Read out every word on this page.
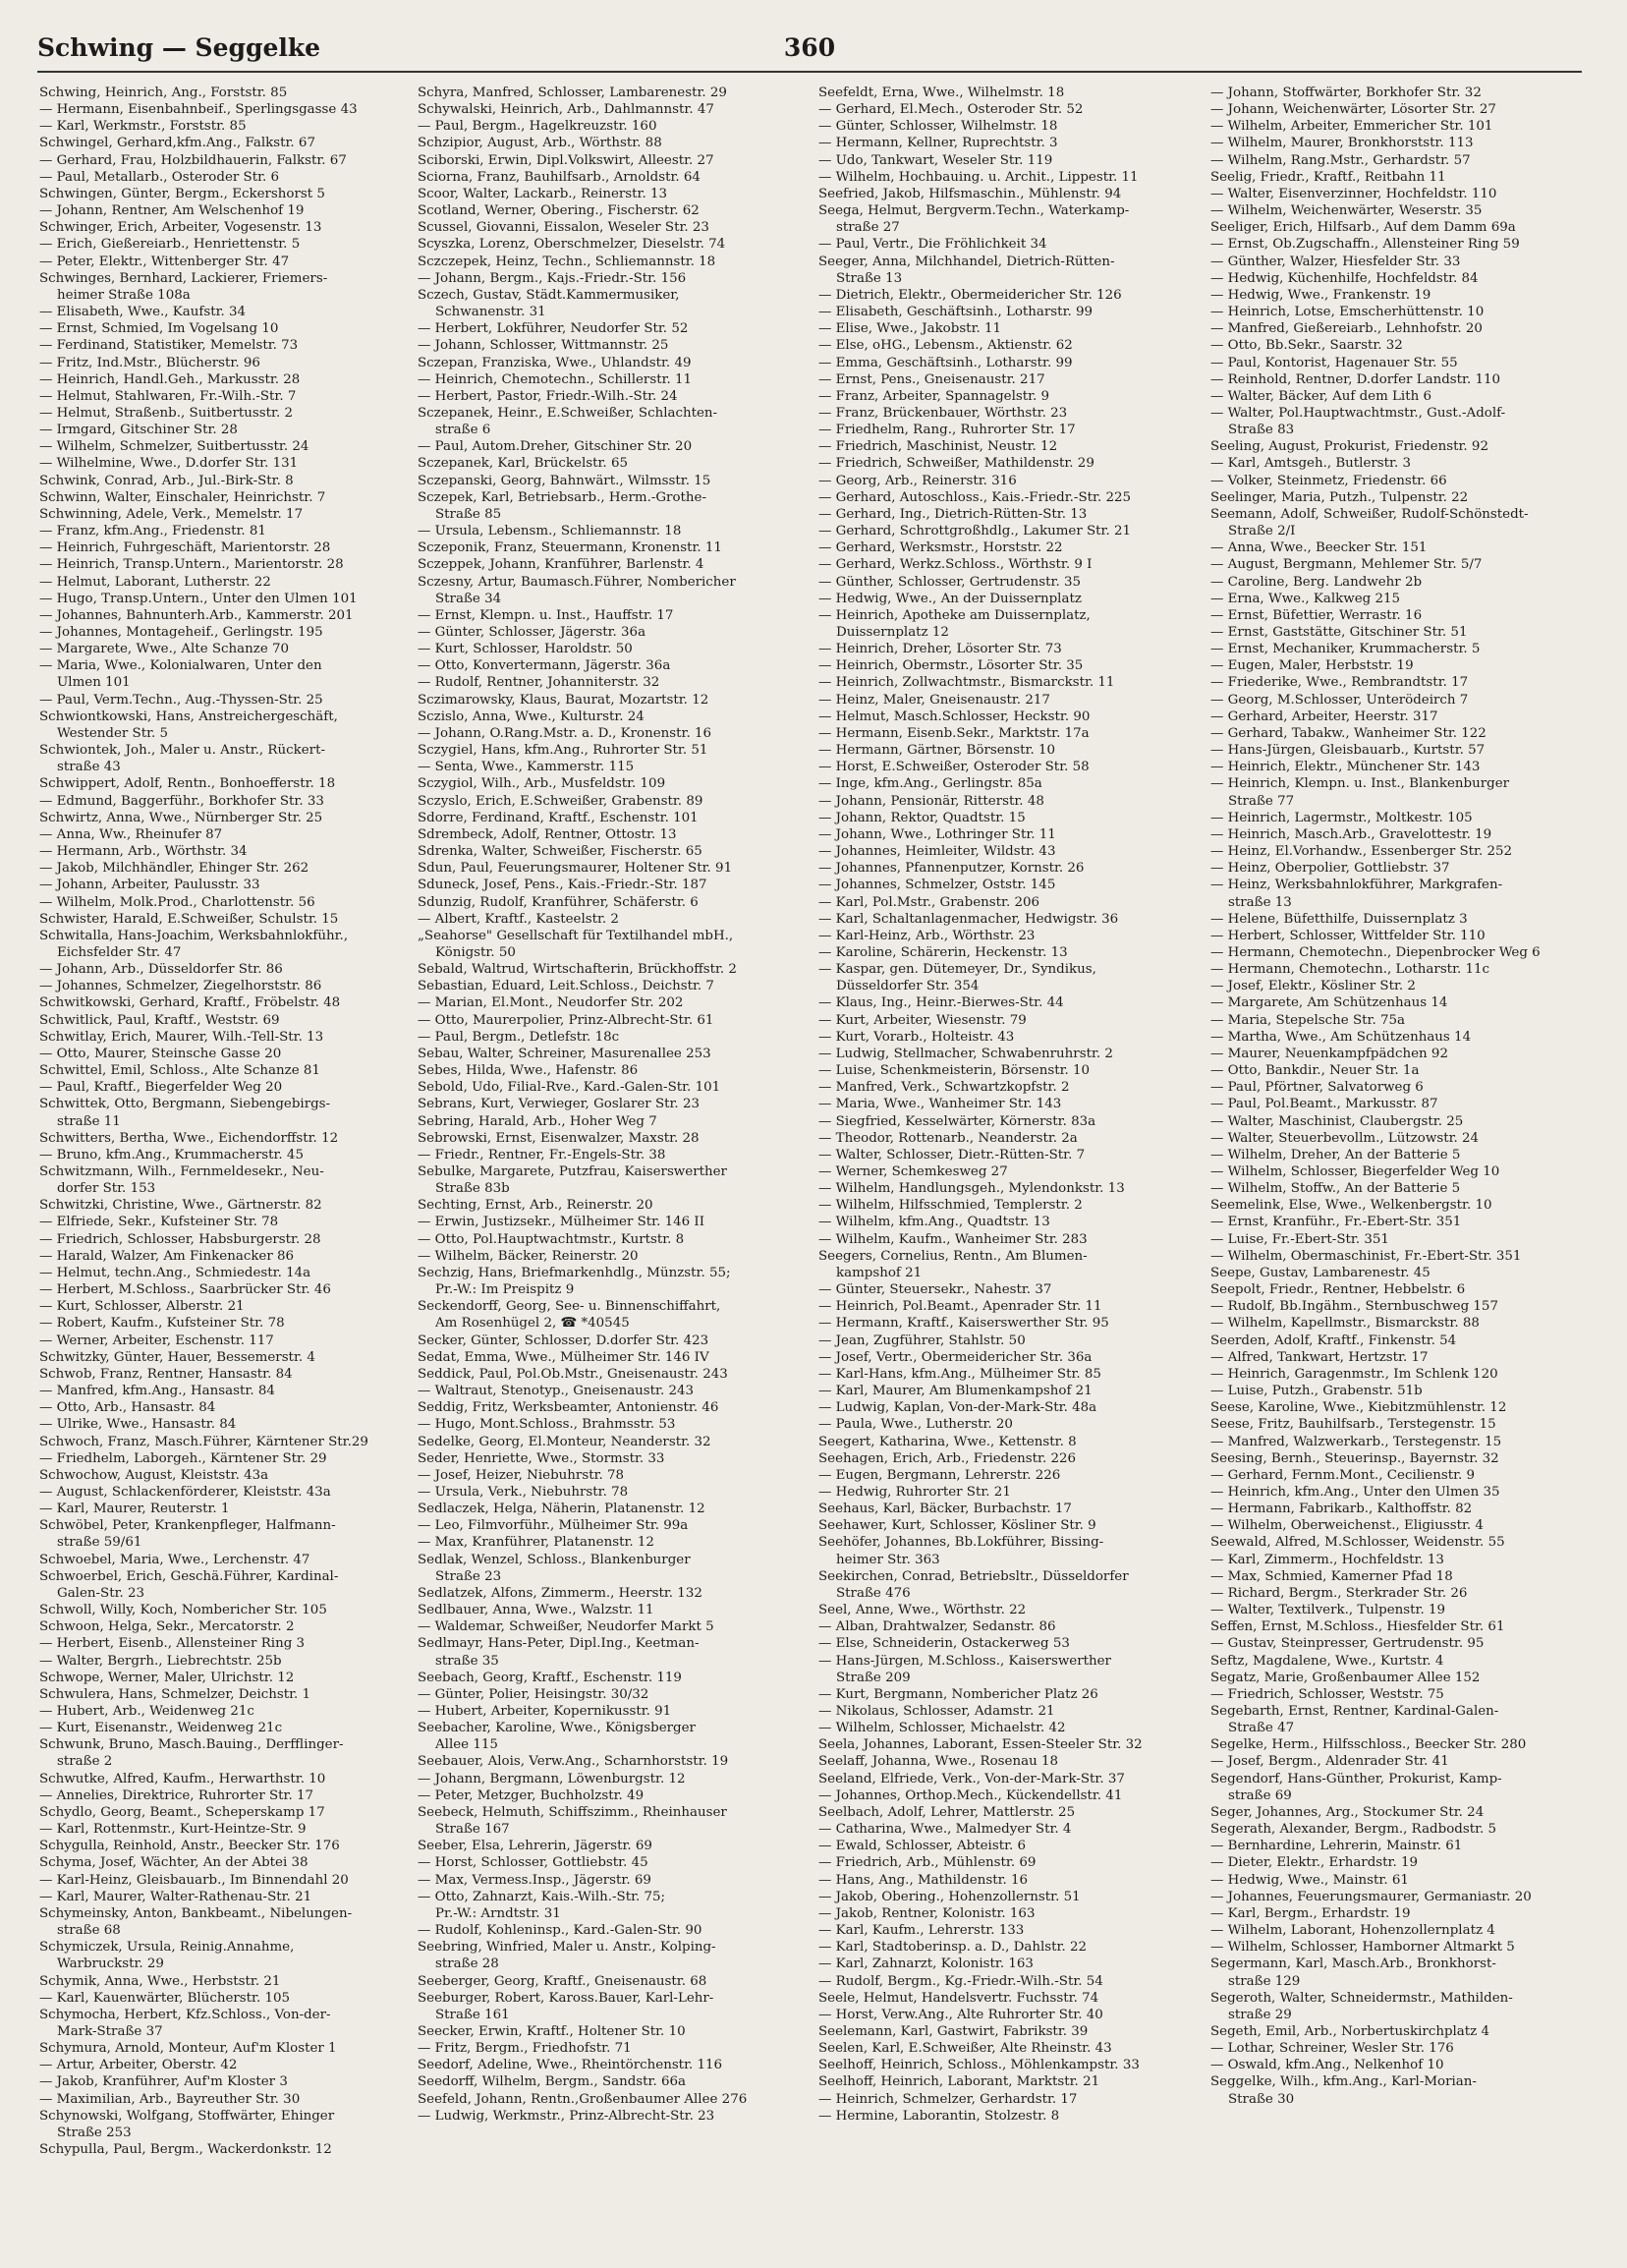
Schwing — Seggelke	360
Schwing, Heinrich, Ang., Forststr. 85
— Hermann, Eisenbahnbeif., Sperlingsgasse 43
— Karl, Werkmstr., Forststr. 85
Schwingel, Gerhard,kfm.Ang., Falkstr. 67
— Gerhard, Frau, Holzbildhauerin, Falkstr. 67
— Paul, Metallarb., Osteroder Str. 6
Schwingen, Günter, Bergm., Eckershorst 5
— Johann, Rentner, Am Welschenhof 19
Schwinger, Erich, Arbeiter, Vogesenstr. 13
— Erich, Gießereiarb., Henriettenstr. 5
— Peter, Elektr., Wittenberger Str. 47
Schwinges, Bernhard, Lackierer, Friemers-
heimer Straße 108a
— Elisabeth, Wwe., Kaufstr. 34
— Ernst, Schmied, Im Vogelsang 10
— Ferdinand, Statistiker, Memelstr. 73
— Fritz, Ind.Mstr., Blücherstr. 96
— Heinrich, Handl.Geh., Markusstr. 28
— Helmut, Stahlwaren, Fr.-Wilh.-Str. 7
— Helmut, Straßenb., Suitbertusstr. 2
— Irmgard, Gitschiner Str. 28
— Wilhelm, Schmelzer, Suitbertusstr. 24
— Wilhelmine, Wwe., D.dorfer Str. 131
Schwink, Conrad, Arb., Jul.-Birk-Str. 8
Schwinn, Walter, Einschaler, Heinrichstr. 7
Schwinning, Adele, Verk., Memelstr. 17
— Franz, kfm.Ang., Friedenstr. 81
— Heinrich, Fuhrgeschäft, Marientorstr. 28
— Heinrich, Transp.Untern., Marientorstr. 28
— Helmut, Laborant, Lutherstr. 22
— Hugo, Transp.Untern., Unter den Ulmen 101
— Johannes, Bahnunterh.Arb., Kammerstr. 201
— Johannes, Montageheif., Gerlingstr. 195
— Margarete, Wwe., Alte Schanze 70
— Maria, Wwe., Kolonialwaren, Unter den
Ulmen 101
— Paul, Verm.Techn., Aug.-Thyssen-Str. 25
Schwiontkowski, Hans, Anstreichergeschäft,
Westender Str. 5
Schwiontek, Joh., Maler u. Anstr., Rückert-
straße 43
Schwippert, Adolf, Rentn., Bonhoefferstr. 18
— Edmund, Baggerführ., Borkhofer Str. 33
Schwirtz, Anna, Wwe., Nürnberger Str. 25
— Anna, Ww., Rheinufer 87
— Hermann, Arb., Wörthstr. 34
— Jakob, Milchhändler, Ehinger Str. 262
— Johann, Arbeiter, Paulusstr. 33
— Wilhelm, Molk.Prod., Charlottenstr. 56
Schwister, Harald, E.Schweißer, Schulstr. 15
Schwitalla, Hans-Joachim, Werksbahnlokführ.,
Eichsfelder Str. 47
— Johann, Arb., Düsseldorfer Str. 86
— Johannes, Schmelzer, Ziegelhorststr. 86
Schwitkowski, Gerhard, Kraftf., Fröbelstr. 48
Schwitlick, Paul, Kraftf., Weststr. 69
Schwitlay, Erich, Maurer, Wilh.-Tell-Str. 13
— Otto, Maurer, Steinsche Gasse 20
Schwittel, Emil, Schloss., Alte Schanze 81
— Paul, Kraftf., Biegerfelder Weg 20
Schwittek, Otto, Bergmann, Siebengebirgs-
straße 11
Schwitters, Bertha, Wwe., Eichendorffstr. 12
— Bruno, kfm.Ang., Krummacherstr. 45
Schwitzmann, Wilh., Fernmeldesekr., Neu-
dorfer Str. 153
Schwitzki, Christine, Wwe., Gärtnerstr. 82
— Elfriede, Sekr., Kufsteiner Str. 78
— Friedrich, Schlosser, Habsburgerstr. 28
— Harald, Walzer, Am Finkenacker 86
— Helmut, techn.Ang., Schmiedestr. 14a
— Herbert, M.Schloss., Saarbrücker Str. 46
— Kurt, Schlosser, Alberstr. 21
— Robert, Kaufm., Kufsteiner Str. 78
— Werner, Arbeiter, Eschenstr. 117
Schwitzky, Günter, Hauer, Bessemerstr. 4
Schwob, Franz, Rentner, Hansastr. 84
— Manfred, kfm.Ang., Hansastr. 84
— Otto, Arb., Hansastr. 84
— Ulrike, Wwe., Hansastr. 84
Schwoch, Franz, Masch.Führer, Kärntener Str.29
— Friedhelm, Laborgeh., Kärntener Str. 29
Schwochow, August, Kleiststr. 43a
— August, Schlackenförderer, Kleiststr. 43a
— Karl, Maurer, Reuterstr. 1
Schwöbel, Peter, Krankenpfleger, Halfmann-
straße 59/61
Schwoebel, Maria, Wwe., Lerchenstr. 47
Schwoerbel, Erich, Geschä.Führer, Kardinal-
Galen-Str. 23
Schwoll, Willy, Koch, Nombericher Str. 105
Schwoon, Helga, Sekr., Mercatorstr. 2
— Herbert, Eisenb., Allensteiner Ring 3
— Walter, Bergrh., Liebrechtstr. 25b
Schwope, Werner, Maler, Ulrichstr. 12
Schwulera, Hans, Schmelzer, Deichstr. 1
— Hubert, Arb., Weidenweg 21c
— Kurt, Eisenanstr., Weidenweg 21c
Schwunk, Bruno, Masch.Bauing., Derfflinger-
straße 2
Schwutke, Alfred, Kaufm., Herwarthstr. 10
— Annelies, Direktrice, Ruhrorter Str. 17
Schydlo, Georg, Beamt., Scheperskamp 17
— Karl, Rottenmstr., Kurt-Heintze-Str. 9
Schygulla, Reinhold, Anstr., Beecker Str. 176
Schyma, Josef, Wächter, An der Abtei 38
— Karl-Heinz, Gleisbauarb., Im Binnendahl 20
— Karl, Maurer, Walter-Rathenau-Str. 21
Schymeinsky, Anton, Bankbeamt., Nibelungen-
straße 68
Schymiczek, Ursula, Reinig.Annahme,
Warbruckstr. 29
Schymik, Anna, Wwe., Herbststr. 21
— Karl, Kauenwärter, Blücherstr. 105
Schymocha, Herbert, Kfz.Schloss., Von-der-
Mark-Straße 37
Schymura, Arnold, Monteur, Auf'm Kloster 1
— Artur, Arbeiter, Oberstr. 42
— Jakob, Kranführer, Auf'm Kloster 3
— Maximilian, Arb., Bayreuther Str. 30
Schynowski, Wolfgang, Stoffwärter, Ehinger
Straße 253
Schypulla, Paul, Bergm., Wackerdonkstr. 12
Schyra, Manfred, Schlosser, Lambarenestr. 29
Schywalski, Heinrich, Arb., Dahlmannstr. 47
— Paul, Bergm., Hagelkreuzstr. 160
Schzipior, August, Arb., Wörthstr. 88
Sciborski, Erwin, Dipl.Volkswirt, Alleestr. 27
Sciorna, Franz, Bauhilfsarb., Arnoldstr. 64
Scoor, Walter, Lackarb., Reinerstr. 13
Scotland, Werner, Obering., Fischerstr. 62
Scussel, Giovanni, Eissalon, Weseler Str. 23
Scyszka, Lorenz, Oberschmelzer, Dieselstr. 74
Sczczepek, Heinz, Techn., Schliemannstr. 18
— Johann, Bergm., Kajs.-Friedr.-Str. 156
Sczech, Gustav, Städt.Kammermusiker,
Schwanenstr. 31
— Herbert, Lokführer, Neudorfer Str. 52
— Johann, Schlosser, Wittmannstr. 25
Sczepan, Franziska, Wwe., Uhlandstr. 49
— Heinrich, Chemotechn., Schillerstr. 11
— Herbert, Pastor, Friedr.-Wilh.-Str. 24
Sczepanek, Heinr., E.Schweißer, Schlachten-
straße 6
— Paul, Autom.Dreher, Gitschiner Str. 20
Sczepanek, Karl, Brückelstr. 65
Sczepanski, Georg, Bahnwärt., Wilmsstr. 15
Sczepek, Karl, Betriebsarb., Herm.-Grothe-
Straße 85
— Ursula, Lebensm., Schliemannstr. 18
Sczeponik, Franz, Steuermann, Kronenstr. 11
Sczeppek, Johann, Kranführer, Barlenstr. 4
Sczesny, Artur, Baumasch.Führer, Nombericher
Straße 34
— Ernst, Klempn. u. Inst., Hauffstr. 17
— Günter, Schlosser, Jägerstr. 36a
— Kurt, Schlosser, Haroldstr. 50
— Otto, Konvertermann, Jägerstr. 36a
— Rudolf, Rentner, Johanniterstr. 32
Sczimarowsky, Klaus, Baurat, Mozartstr. 12
Sczislo, Anna, Wwe., Kulturstr. 24
— Johann, O.Rang.Mstr. a. D., Kronenstr. 16
Sczygiel, Hans, kfm.Ang., Ruhrorter Str. 51
— Senta, Wwe., Kammerstr. 115
Sczygiol, Wilh., Arb., Musfeldstr. 109
Sczyslo, Erich, E.Schweißer, Grabenstr. 89
Sdorre, Ferdinand, Kraftf., Eschenstr. 101
Sdrembeck, Adolf, Rentner, Ottostr. 13
Sdrenka, Walter, Schweißer, Fischerstr. 65
Sdun, Paul, Feuerungsmaurer, Holtener Str. 91
Sduneck, Josef, Pens., Kais.-Friedr.-Str. 187
Sdunzig, Rudolf, Kranführer, Schäferstr. 6
— Albert, Kraftf., Kasteelstr. 2
„Seahorse" Gesellschaft für Textilhandel mbH.,
Königstr. 50
Sebald, Waltrud, Wirtschafterin, Brückhoffstr. 2
Sebastian, Eduard, Leit.Schloss., Deichstr. 7
— Marian, El.Mont., Neudorfer Str. 202
— Otto, Maurerpolier, Prinz-Albrecht-Str. 61
— Paul, Bergm., Detlefstr. 18c
Sebau, Walter, Schreiner, Masurenallee 253
Sebes, Hilda, Wwe., Hafenstr. 86
Sebold, Udo, Filial-Rve., Kard.-Galen-Str. 101
Sebrans, Kurt, Verwieger, Goslarer Str. 23
Sebring, Harald, Arb., Hoher Weg 7
Sebrowski, Ernst, Eisenwalzer, Maxstr. 28
— Friedr., Rentner, Fr.-Engels-Str. 38
Sebulke, Margarete, Putzfrau, Kaiserswerther
Straße 83b
Sechting, Ernst, Arb., Reinerstr. 20
— Erwin, Justizsekr., Mülheimer Str. 146 II
— Otto, Pol.Hauptwachtmstr., Kurtstr. 8
— Wilhelm, Bäcker, Reinerstr. 20
Sechzig, Hans, Briefmarkenhdlg., Münzstr. 55;
Pr.-W.: Im Preispitz 9
Seckendorff, Georg, See- u. Binnenschiffahrt,
Am Rosenhügel 2, ☎ *40545
Secker, Günter, Schlosser, D.dorfer Str. 423
Sedat, Emma, Wwe., Mülheimer Str. 146 IV
Seddick, Paul, Pol.Ob.Mstr., Gneisenaustr. 243
— Waltraut, Stenotyp., Gneisenaustr. 243
Seddig, Fritz, Werksbeamter, Antonienstr. 46
— Hugo, Mont.Schloss., Brahmsstr. 53
Sedelke, Georg, El.Monteur, Neanderstr. 32
Seder, Henriette, Wwe., Stormstr. 33
— Josef, Heizer, Niebuhrstr. 78
— Ursula, Verk., Niebuhrstr. 78
Sedlaczek, Helga, Näherin, Platanenstr. 12
— Leo, Filmvorführ., Mülheimer Str. 99a
— Max, Kranführer, Platanenstr. 12
Sedlak, Wenzel, Schloss., Blankenburger
Straße 23
Sedlatzek, Alfons, Zimmerm., Heerstr. 132
Sedlbauer, Anna, Wwe., Walzstr. 11
— Waldemar, Schweißer, Neudorfer Markt 5
Sedlmayr, Hans-Peter, Dipl.Ing., Keetman-
straße 35
Seebach, Georg, Kraftf., Eschenstr. 119
— Günter, Polier, Heisingstr. 30/32
— Hubert, Arbeiter, Kopernikusstr. 91
Seebacher, Karoline, Wwe., Königsberger
Allee 115
Seebauer, Alois, Verw.Ang., Scharnhorststr. 19
— Johann, Bergmann, Löwenburgstr. 12
— Peter, Metzger, Buchholzstr. 49
Seebeck, Helmuth, Schiffszimm., Rheinhauser
Straße 167
Seeber, Elsa, Lehrerin, Jägerstr. 69
— Horst, Schlosser, Gottliebstr. 45
— Max, Vermess.Insp., Jägerstr. 69
— Otto, Zahnarzt, Kais.-Wilh.-Str. 75;
Pr.-W.: Arndtstr. 31
— Rudolf, Kohleninsp., Kard.-Galen-Str. 90
Seebring, Winfried, Maler u. Anstr., Kolping-
straße 28
Seeberger, Georg, Kraftf., Gneisenaustr. 68
Seeburger, Robert, Kaross.Bauer, Karl-Lehr-
Straße 161
Seecker, Erwin, Kraftf., Holtener Str. 10
— Fritz, Bergm., Friedhofstr. 71
Seedorf, Adeline, Wwe., Rheintörchenstr. 116
Seedorff, Wilhelm, Bergm., Sandstr. 66a
Seefeld, Johann, Rentn.,Großenbaumer Allee 276
— Ludwig, Werkmstr., Prinz-Albrecht-Str. 23
Seefeldt, Erna, Wwe., Wilhelmstr. 18
— Gerhard, El.Mech., Osteroder Str. 52
— Günter, Schlosser, Wilhelmstr. 18
— Hermann, Kellner, Ruprechtstr. 3
— Udo, Tankwart, Weseler Str. 119
— Wilhelm, Hochbauing. u. Archit., Lippestr. 11
Seefried, Jakob, Hilfsmaschin., Mühlenstr. 94
Seega, Helmut, Bergverm.Techn., Waterkamp-
straße 27
— Paul, Vertr., Die Fröhlichkeit 34
Seeger, Anna, Milchhandel, Dietrich-Rütten-
Straße 13
— Dietrich, Elektr., Obermeidericher Str. 126
— Elisabeth, Geschäftsinh., Lotharstr. 99
— Elise, Wwe., Jakobstr. 11
— Else, oHG., Lebensm., Aktienstr. 62
— Emma, Geschäftsinh., Lotharstr. 99
— Ernst, Pens., Gneisenaustr. 217
— Franz, Arbeiter, Spannagelstr. 9
— Franz, Brückenbauer, Wörthstr. 23
— Friedhelm, Rang., Ruhrorter Str. 17
— Friedrich, Maschinist, Neustr. 12
— Friedrich, Schweißer, Mathildenstr. 29
— Georg, Arb., Reinerstr. 316
— Gerhard, Autoschloss., Kais.-Friedr.-Str. 225
— Gerhard, Ing., Dietrich-Rütten-Str. 13
— Gerhard, Schrottgroßhdlg., Lakumer Str. 21
— Gerhard, Werksmstr., Horststr. 22
— Gerhard, Werkz.Schloss., Wörthstr. 9 I
— Günther, Schlosser, Gertrudenstr. 35
— Hedwig, Wwe., An der Duissernplatz
— Heinrich, Apotheke am Duissernplatz,
Duissernplatz 12
— Heinrich, Dreher, Lösorter Str. 73
— Heinrich, Obermstr., Lösorter Str. 35
— Heinrich, Zollwachtmstr., Bismarckstr. 11
— Heinz, Maler, Gneisenaustr. 217
— Helmut, Masch.Schlosser, Heckstr. 90
— Hermann, Eisenb.Sekr., Marktstr. 17a
— Hermann, Gärtner, Börsenstr. 10
— Horst, E.Schweißer, Osteroder Str. 58
— Inge, kfm.Ang., Gerlingstr. 85a
— Johann, Pensionär, Ritterstr. 48
— Johann, Rektor, Quadtstr. 15
— Johann, Wwe., Lothringer Str. 11
— Johannes, Heimleiter, Wildstr. 43
— Johannes, Pfannenputzer, Kornstr. 26
— Johannes, Schmelzer, Oststr. 145
— Karl, Pol.Mstr., Grabenstr. 206
— Karl, Schaltanlagenmacher, Hedwigstr. 36
— Karl-Heinz, Arb., Wörthstr. 23
— Karoline, Schärerin, Heckenstr. 13
— Kaspar, gen. Dütemeyer, Dr., Syndikus,
Düsseldorfer Str. 354
— Klaus, Ing., Heinr.-Bierwes-Str. 44
— Kurt, Arbeiter, Wiesenstr. 79
— Kurt, Vorarb., Holteistr. 43
— Ludwig, Stellmacher, Schwabenruhrstr. 2
— Luise, Schenkmeisterin, Börsenstr. 10
— Manfred, Verk., Schwartzkopfstr. 2
— Maria, Wwe., Wanheimer Str. 143
— Siegfried, Kesselwärter, Körnerstr. 83a
— Theodor, Rottenarb., Neanderstr. 2a
— Walter, Schlosser, Dietr.-Rütten-Str. 7
— Werner, Schemkesweg 27
— Wilhelm, Handlungsgeh., Mylendonkstr. 13
— Wilhelm, Hilfsschmied, Templerstr. 2
— Wilhelm, kfm.Ang., Quadtstr. 13
— Wilhelm, Kaufm., Wanheimer Str. 283
Seegers, Cornelius, Rentn., Am Blumen-
kampshof 21
— Günter, Steuersekr., Nahestr. 37
— Heinrich, Pol.Beamt., Apenrader Str. 11
— Hermann, Kraftf., Kaiserswerther Str. 95
— Jean, Zugführer, Stahlstr. 50
— Josef, Vertr., Obermeidericher Str. 36a
— Karl-Hans, kfm.Ang., Mülheimer Str. 85
— Karl, Maurer, Am Blumenkampshof 21
— Ludwig, Kaplan, Von-der-Mark-Str. 48a
— Paula, Wwe., Lutherstr. 20
Seegert, Katharina, Wwe., Kettenstr. 8
Seehagen, Erich, Arb., Friedenstr. 226
— Eugen, Bergmann, Lehrerstr. 226
— Hedwig, Ruhrorter Str. 21
Seehaus, Karl, Bäcker, Burbachstr. 17
Seehawer, Kurt, Schlosser, Kösliner Str. 9
Seehöfer, Johannes, Bb.Lokführer, Bissing-
heimer Str. 363
Seekirchen, Conrad, Betriebsltr., Düsseldorfer
Straße 476
Seel, Anne, Wwe., Wörthstr. 22
— Alban, Drahtwalzer, Sedanstr. 86
— Else, Schneiderin, Ostackerweg 53
— Hans-Jürgen, M.Schloss., Kaiserswerther
Straße 209
— Kurt, Bergmann, Nombericher Platz 26
— Nikolaus, Schlosser, Adamstr. 21
— Wilhelm, Schlosser, Michaelstr. 42
Seela, Johannes, Laborant, Essen-Steeler Str. 32
Seelaff, Johanna, Wwe., Rosenau 18
Seeland, Elfriede, Verk., Von-der-Mark-Str. 37
— Johannes, Orthop.Mech., Kückendellstr. 41
Seelbach, Adolf, Lehrer, Mattlerstr. 25
— Catharina, Wwe., Malmedyer Str. 4
— Ewald, Schlosser, Abteistr. 6
— Friedrich, Arb., Mühlenstr. 69
— Hans, Ang., Mathildenstr. 16
— Jakob, Obering., Hohenzollernstr. 51
— Jakob, Rentner, Kolonistr. 163
— Karl, Kaufm., Lehrerstr. 133
— Karl, Stadtoberinsp. a. D., Dahlstr. 22
— Karl, Zahnarzt, Kolonistr. 163
— Rudolf, Bergm., Kg.-Friedr.-Wilh.-Str. 54
Seele, Helmut, Handelsvertr. Fuchsstr. 74
— Horst, Verw.Ang., Alte Ruhrorter Str. 40
Seelemann, Karl, Gastwirt, Fabrikstr. 39
Seelen, Karl, E.Schweißer, Alte Rheinstr. 43
Seelhoff, Heinrich, Schloss., Möhlenkampstr. 33
Seelhoff, Heinrich, Laborant, Marktstr. 21
— Heinrich, Schmelzer, Gerhardstr. 17
— Hermine, Laborantin, Stolzestr. 8
— Johann, Stoffwärter, Borkhofer Str. 32
— Johann, Weichenwärter, Lösorter Str. 27
— Wilhelm, Arbeiter, Emmericher Str. 101
— Wilhelm, Maurer, Bronkhorststr. 113
— Wilhelm, Rang.Mstr., Gerhardstr. 57
Seelig, Friedr., Kraftf., Reitbahn 11
— Walter, Eisenverzinner, Hochfeldstr. 110
— Wilhelm, Weichenwärter, Weserstr. 35
Seeliger, Erich, Hilfsarb., Auf dem Damm 69a
— Ernst, Ob.Zugschaffn., Allensteiner Ring 59
— Günther, Walzer, Hiesfelder Str. 33
— Hedwig, Küchenhilfe, Hochfeldstr. 84
— Hedwig, Wwe., Frankenstr. 19
— Heinrich, Lotse, Emscherhüttenstr. 10
— Manfred, Gießereiarb., Lehnhofstr. 20
— Otto, Bb.Sekr., Saarstr. 32
— Paul, Kontorist, Hagenauer Str. 55
— Reinhold, Rentner, D.dorfer Landstr. 110
— Walter, Bäcker, Auf dem Lith 6
— Walter, Pol.Hauptwachtmstr., Gust.-Adolf-
Straße 83
Seeling, August, Prokurist, Friedenstr. 92
— Karl, Amtsgeh., Butlerstr. 3
— Volker, Steinmetz, Friedenstr. 66
Seelinger, Maria, Putzh., Tulpenstr. 22
Seemann, Adolf, Schweißer, Rudolf-Schönstedt-
Straße 2/I
— Anna, Wwe., Beecker Str. 151
— August, Bergmann, Mehlemer Str. 5/7
— Caroline, Berg. Landwehr 2b
— Erna, Wwe., Kalkweg 215
— Ernst, Büfettier, Werrastr. 16
— Ernst, Gaststätte, Gitschiner Str. 51
— Ernst, Mechaniker, Krummacherstr. 5
— Eugen, Maler, Herbststr. 19
— Friederike, Wwe., Rembrandtstr. 17
— Georg, M.Schlosser, Unterödeirch 7
— Gerhard, Arbeiter, Heerstr. 317
— Gerhard, Tabakw., Wanheimer Str. 122
— Hans-Jürgen, Gleisbauarb., Kurtstr. 57
— Heinrich, Elektr., Münchener Str. 143
— Heinrich, Klempn. u. Inst., Blankenburger
Straße 77
— Heinrich, Lagermstr., Moltkestr. 105
— Heinrich, Masch.Arb., Gravelottestr. 19
— Heinz, El.Vorhandw., Essenberger Str. 252
— Heinz, Oberpolier, Gottliebstr. 37
— Heinz, Werksbahnlokführer, Markgrafen-
straße 13
— Helene, Büfetthilfe, Duissernplatz 3
— Herbert, Schlosser, Wittfelder Str. 110
— Hermann, Chemotechn., Diepenbrocker Weg 6
— Hermann, Chemotechn., Lotharstr. 11c
— Josef, Elektr., Kösliner Str. 2
— Margarete, Am Schützenhaus 14
— Maria, Stepelsche Str. 75a
— Martha, Wwe., Am Schützenhaus 14
— Maurer, Neuenkampfpädchen 92
— Otto, Bankdir., Neuer Str. 1a
— Paul, Pförtner, Salvatorweg 6
— Paul, Pol.Beamt., Markusstr. 87
— Walter, Maschinist, Claubergstr. 25
— Walter, Steuerbevollm., Lützowstr. 24
— Wilhelm, Dreher, An der Batterie 5
— Wilhelm, Schlosser, Biegerfelder Weg 10
— Wilhelm, Stoffw., An der Batterie 5
Seemelink, Else, Wwe., Welkenbergstr. 10
— Ernst, Kranführ., Fr.-Ebert-Str. 351
— Luise, Fr.-Ebert-Str. 351
— Wilhelm, Obermaschinist, Fr.-Ebert-Str. 351
Seepe, Gustav, Lambarenestr. 45
Seepolt, Friedr., Rentner, Hebbelstr. 6
— Rudolf, Bb.Ingähm., Sternbuschweg 157
— Wilhelm, Kapellmstr., Bismarckstr. 88
Seerden, Adolf, Kraftf., Finkenstr. 54
— Alfred, Tankwart, Hertzstr. 17
— Heinrich, Garagenmstr., Im Schlenk 120
— Luise, Putzh., Grabenstr. 51b
Seese, Karoline, Wwe., Kiebitzmühlenstr. 12
Seese, Fritz, Bauhilfsarb., Terstegenstr. 15
— Manfred, Walzwerkarb., Terstegenstr. 15
Seesing, Bernh., Steuerinsp., Bayernstr. 32
— Gerhard, Fernm.Mont., Cecilienstr. 9
— Heinrich, kfm.Ang., Unter den Ulmen 35
— Hermann, Fabrikarb., Kalthoffstr. 82
— Wilhelm, Oberweichenst., Eligiusstr. 4
Seewald, Alfred, M.Schlosser, Weidenstr. 55
— Karl, Zimmerm., Hochfeldstr. 13
— Max, Schmied, Kamerner Pfad 18
— Richard, Bergm., Sterkrader Str. 26
— Walter, Textilverk., Tulpenstr. 19
Seffen, Ernst, M.Schloss., Hiesfelder Str. 61
— Gustav, Steinpresser, Gertrudenstr. 95
Seftz, Magdalene, Wwe., Kurtstr. 4
Segatz, Marie, Großenbaumer Allee 152
— Friedrich, Schlosser, Weststr. 75
Segebarth, Ernst, Rentner, Kardinal-Galen-
Straße 47
Segelke, Herm., Hilfsschloss., Beecker Str. 280
— Josef, Bergm., Aldenrader Str. 41
Segendorf, Hans-Günther, Prokurist, Kamp-
straße 69
Seger, Johannes, Arg., Stockumer Str. 24
Segerath, Alexander, Bergm., Radbodstr. 5
— Bernhardine, Lehrerin, Mainstr. 61
— Dieter, Elektr., Erhardstr. 19
— Hedwig, Wwe., Mainstr. 61
— Johannes, Feuerungsmaurer, Germaniastr. 20
— Karl, Bergm., Erhardstr. 19
— Wilhelm, Laborant, Hohenzollernplatz 4
— Wilhelm, Schlosser, Hamborner Altmarkt 5
Segermann, Karl, Masch.Arb., Bronkhorst-
straße 129
Segeroth, Walter, Schneidermstr., Mathilden-
straße 29
Segeth, Emil, Arb., Norbertuskirchplatz 4
— Lothar, Schreiner, Wesler Str. 176
— Oswald, kfm.Ang., Nelkenhof 10
Seggelke, Wilh., kfm.Ang., Karl-Morian-
Straße 30
